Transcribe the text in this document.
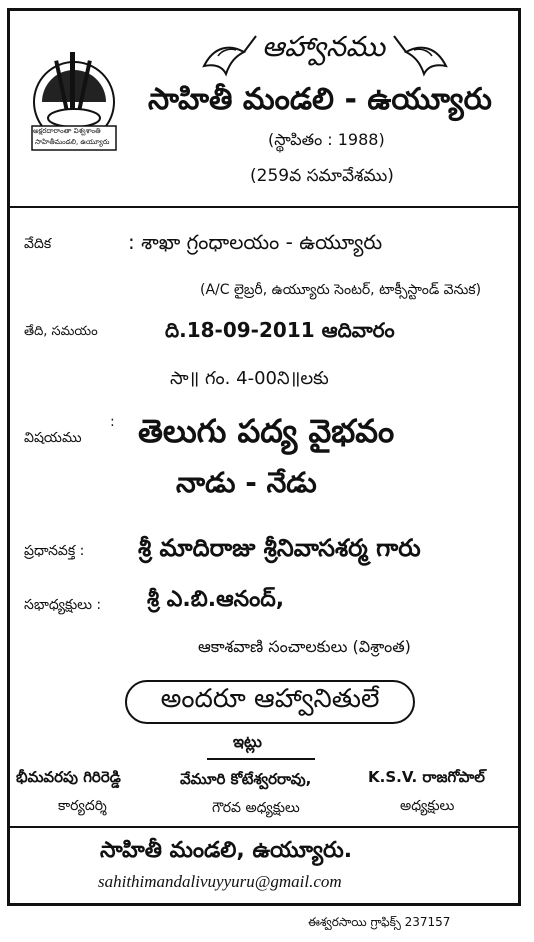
ఆహ్వానము
అక్షరదారాంతా విశ్వశాంతి
సాహితీమండలి, ఉయ్యూరు
సాహితీ మండలి - ఉయ్యూరు
(స్థాపితం : 1988)
(259వ సమావేశము)
వేదిక	: శాఖా గ్రంధాలయం - ఉయ్యూరు
(A/C లైబ్రరీ, ఉయ్యూరు సెంటర్, టాక్సీస్టాండ్ వెనుక)
తేది, సమయం	ది.18-09-2011 ఆదివారం
సా॥ గం. 4-00ని॥లకు
విషయము
: తెలుగు పద్య వైభవం
నాడు - నేడు
ప్రధానవక్త : శ్రీ మాదిరాజు శ్రీనివాసశర్మ గారు
సభాధ్యక్షులు : శ్రీ ఎ.బి.ఆనంద్,
ఆకాశవాణి సంచాలకులు (విశ్రాంత)
అందరూ ఆహ్వానితులే
ఇట్లు
భీమవరపు గిరిరెడ్డి
కార్యదర్శి
వేమూరి కోటేశ్వరరావు,
గౌరవ అధ్యక్షులు
K.S.V. రాజగోపాల్
అధ్యక్షులు
సాహితీ మండలి, ఉయ్యూరు.
sahithimandalivuyyuru@gmail.com
ఈశ్వరసాయి గ్రాఫిక్స్ 237157
